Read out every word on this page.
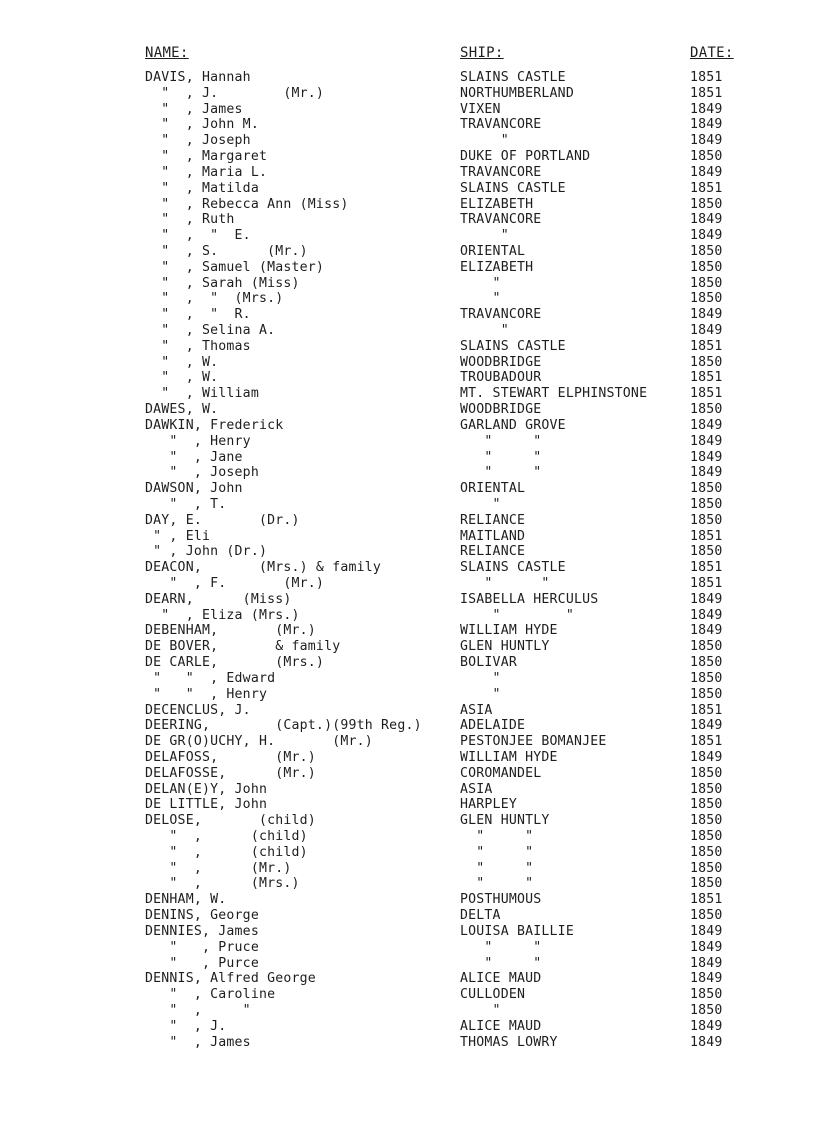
NAME:	SHIP:	DATE:
DAVIS, Hannah	SLAINS CASTLE	1851
"  , J.        (Mr.)	NORTHUMBERLAND	1851
"  , James	VIXEN	1849
"  , John M.	TRAVANCORE	1849
"  , Joseph	"	1849
"  , Margaret	DUKE OF PORTLAND	1850
"  , Maria L.	TRAVANCORE	1849
"  , Matilda	SLAINS CASTLE	1851
"  , Rebecca Ann (Miss)	ELIZABETH	1850
"  , Ruth	TRAVANCORE	1849
"  ,  "  E.	"	1849
"  , S.      (Mr.)	ORIENTAL	1850
"  , Samuel (Master)	ELIZABETH	1850
"  , Sarah (Miss)	"	1850
"  ,  "  (Mrs.)	"	1850
"  ,  "  R.	TRAVANCORE	1849
"  , Selina A.	"	1849
"  , Thomas	SLAINS CASTLE	1851
"  , W.	WOODBRIDGE	1850
"  , W.	TROUBADOUR	1851
"  , William	MT. STEWART ELPHINSTONE	1851
DAWES, W.	WOODBRIDGE	1850
DAWKIN, Frederick	GARLAND GROVE	1849
"  , Henry	"     "	1849
"  , Jane	"     "	1849
"  , Joseph	"     "	1849
DAWSON, John	ORIENTAL	1850
"  , T.	"	1850
DAY, E.       (Dr.)	RELIANCE	1850
" , Eli	MAITLAND	1851
" , John (Dr.)	RELIANCE	1850
DEACON,       (Mrs.) & family	SLAINS CASTLE	1851
"  , F.       (Mr.)	"      "	1851
DEARN,      (Miss)	ISABELLA HERCULUS	1849
"  , Eliza (Mrs.)	"        "	1849
DEBENHAM,       (Mr.)	WILLIAM HYDE	1849
DE BOVER,       & family	GLEN HUNTLY	1850
DE CARLE,       (Mrs.)	BOLIVAR	1850
"   "  , Edward	"	1850
"   "  , Henry	"	1850
DECENCLUS, J.	ASIA	1851
DEERING,        (Capt.)(99th Reg.)	ADELAIDE	1849
DE GR(O)UCHY, H.       (Mr.)	PESTONJEE BOMANJEE	1851
DELAFOSS,       (Mr.)	WILLIAM HYDE	1849
DELAFOSSE,      (Mr.)	COROMANDEL	1850
DELAN(E)Y, John	ASIA	1850
DE LITTLE, John	HARPLEY	1850
DELOSE,       (child)	GLEN HUNTLY	1850
"  ,      (child)	"     "	1850
"  ,      (child)	"     "	1850
"  ,      (Mr.)	"     "	1850
"  ,      (Mrs.)	"     "	1850
DENHAM, W.	POSTHUMOUS	1851
DENINS, George	DELTA	1850
DENNIES, James	LOUISA BAILLIE	1849
"   , Pruce	"     "	1849
"   , Purce	"     "	1849
DENNIS, Alfred George	ALICE MAUD	1849
"  , Caroline	CULLODEN	1850
"  ,     "	"	1850
"  , J.	ALICE MAUD	1849
"  , James	THOMAS LOWRY	1849
